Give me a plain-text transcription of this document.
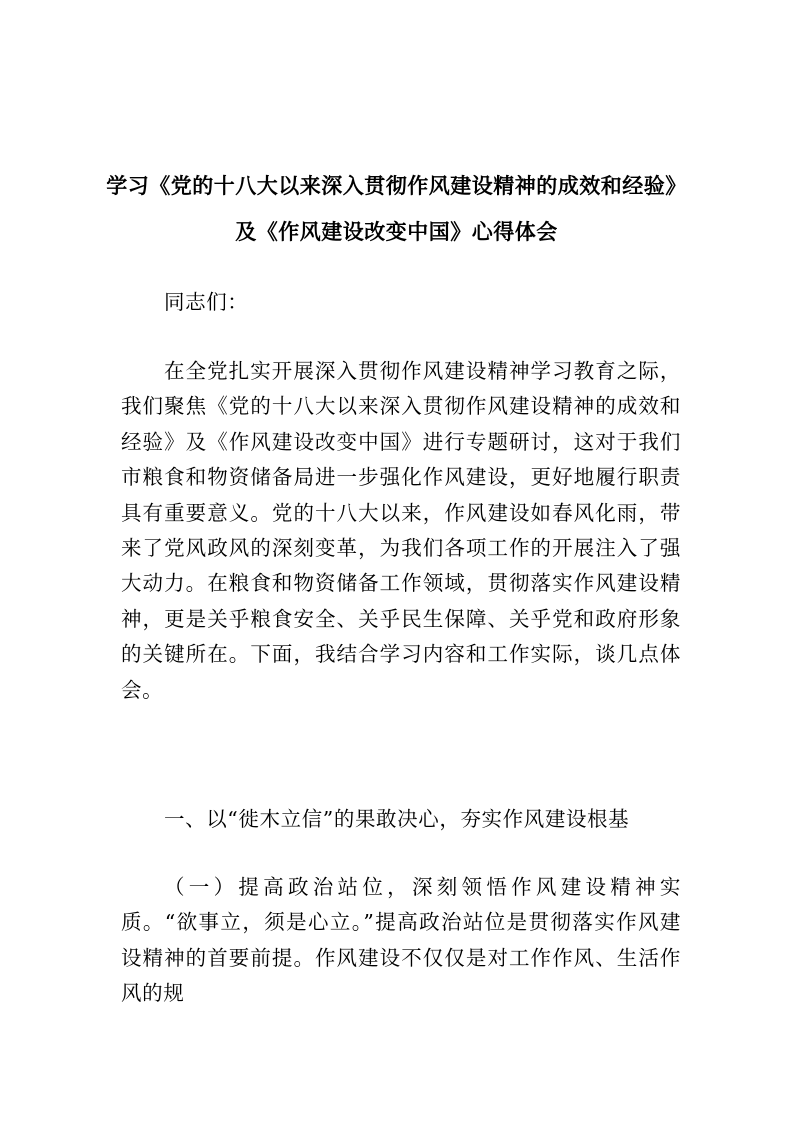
学习《党的十八大以来深入贯彻作风建设精神的成效和经验》
及《作风建设改变中国》心得体会
同志们：
在全党扎实开展深入贯彻作风建设精神学习教育之际，我们聚焦《党的十八大以来深入贯彻作风建设精神的成效和经验》及《作风建设改变中国》进行专题研讨，这对于我们市粮食和物资储备局进一步强化作风建设，更好地履行职责具有重要意义。党的十八大以来，作风建设如春风化雨，带来了党风政风的深刻变革，为我们各项工作的开展注入了强大动力。在粮食和物资储备工作领域，贯彻落实作风建设精神，更是关乎粮食安全、关乎民生保障、关乎党和政府形象的关键所在。下面，我结合学习内容和工作实际，谈几点体会。
一、以“徙木立信”的果敢决心，夯实作风建设根基
（一）提高政治站位，深刻领悟作风建设精神实质。“欲事立，须是心立。”提高政治站位是贯彻落实作风建设精神的首要前提。作风建设不仅仅是对工作作风、生活作风的规
